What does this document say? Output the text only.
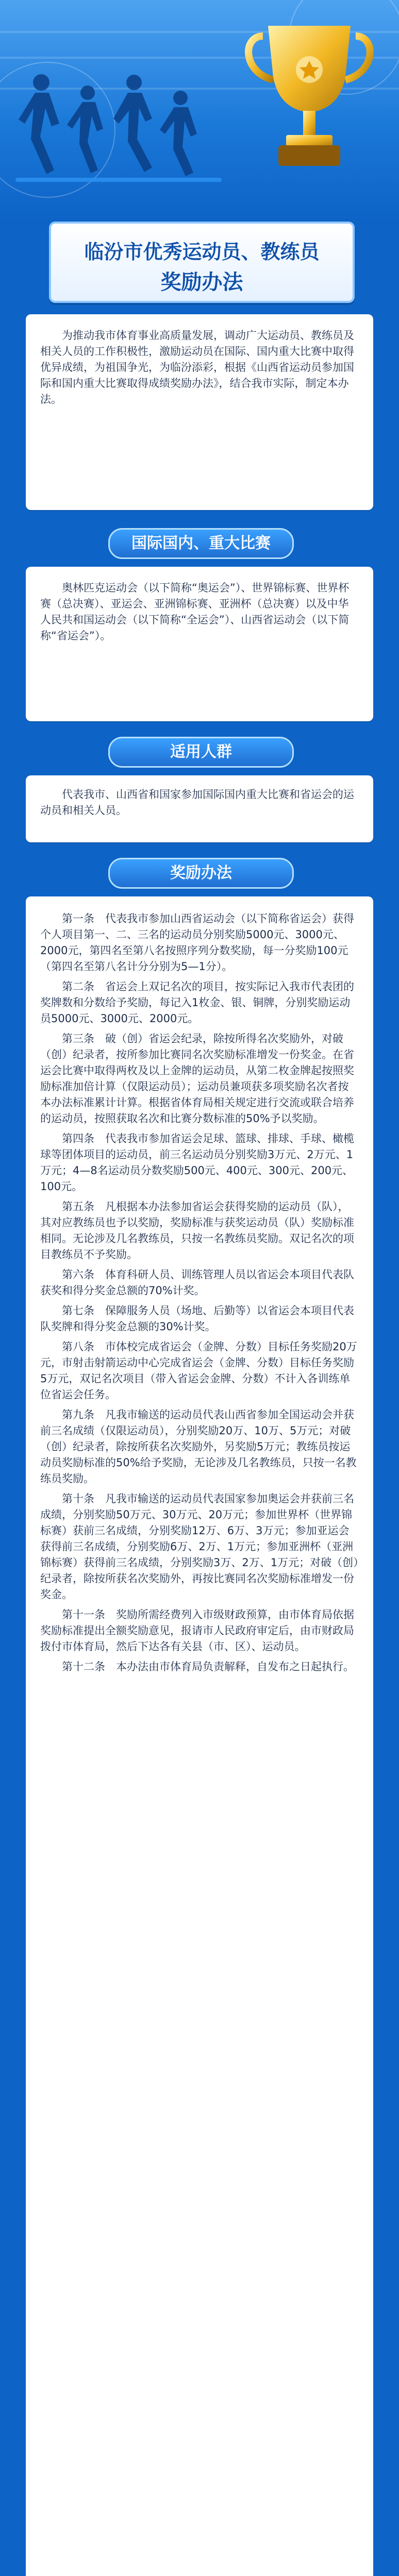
临汾市优秀运动员、教练员
奖励办法

为推动我市体育事业高质量发展，调动广大运动员、教练员及相关人员的工作积极性，激励运动员在国际、国内重大比赛中取得优异成绩，为祖国争光，为临汾添彩，根据《山西省运动员参加国际和国内重大比赛取得成绩奖励办法》，结合我市实际，制定本办法。

国际国内、重大比赛

奥林匹克运动会（以下简称“奥运会”）、世界锦标赛、世界杯赛（总决赛）、亚运会、亚洲锦标赛、亚洲杯（总决赛）以及中华人民共和国运动会（以下简称“全运会”）、山西省运动会（以下简称“省运会”）。

适用人群

代表我市、山西省和国家参加国际国内重大比赛和省运会的运动员和相关人员。

奖励办法

第一条　代表我市参加山西省运动会（以下简称省运会）获得个人项目第一、二、三名的运动员分别奖励5000元、3000元、2000元，第四名至第八名按照序列分数奖励，每一分奖励100元（第四名至第八名计分分别为5—1分）。

第二条　省运会上双记名次的项目，按实际记入我市代表团的奖牌数和分数给予奖励，每记入1枚金、银、铜牌，分别奖励运动员5000元、3000元、2000元。

第三条　破（创）省运会纪录，除按所得名次奖励外，对破（创）纪录者，按所参加比赛同名次奖励标准增发一份奖金。在省运会比赛中取得两枚及以上金牌的运动员，从第二枚金牌起按照奖励标准加倍计算（仅限运动员）；运动员兼项获多项奖励名次者按本办法标准累计计算。根据省体育局相关规定进行交流或联合培养的运动员，按照获取名次和比赛分数标准的50%予以奖励。

第四条　代表我市参加省运会足球、篮球、排球、手球、橄榄球等团体项目的运动员，前三名运动员分别奖励3万元、2万元、1万元；4—8名运动员分数奖励500元、400元、300元、200元、100元。

第五条　凡根据本办法参加省运会获得奖励的运动员（队），其对应教练员也予以奖励，奖励标准与获奖运动员（队）奖励标准相同。无论涉及几名教练员，只按一名教练员奖励。双记名次的项目教练员不予奖励。

第六条　体育科研人员、训练管理人员以省运会本项目代表队获奖和得分奖金总额的70%计奖。

第七条　保障服务人员（场地、后勤等）以省运会本项目代表队奖牌和得分奖金总额的30%计奖。

第八条　市体校完成省运会（金牌、分数）目标任务奖励20万元，市射击射箭运动中心完成省运会（金牌、分数）目标任务奖励5万元，双记名次项目（带入省运会金牌、分数）不计入各训练单位省运会任务。

第九条　凡我市输送的运动员代表山西省参加全国运动会并获前三名成绩（仅限运动员），分别奖励20万、10万、5万元；对破（创）纪录者，除按所获名次奖励外，另奖励5万元；教练员按运动员奖励标准的50%给予奖励，无论涉及几名教练员，只按一名教练员奖励。

第十条　凡我市输送的运动员代表国家参加奥运会并获前三名成绩，分别奖励50万元、30万元、20万元；参加世界杯（世界锦标赛）获前三名成绩，分别奖励12万、6万、3万元；参加亚运会获得前三名成绩，分别奖励6万、2万、1万元；参加亚洲杯（亚洲锦标赛）获得前三名成绩，分别奖励3万、2万、1万元；对破（创）纪录者，除按所获名次奖励外，再按比赛同名次奖励标准增发一份奖金。

第十一条　奖励所需经费列入市级财政预算，由市体育局依据奖励标准提出全额奖励意见，报请市人民政府审定后，由市财政局拨付市体育局，然后下达各有关县（市、区）、运动员。

第十二条　本办法由市体育局负责解释，自发布之日起执行。
